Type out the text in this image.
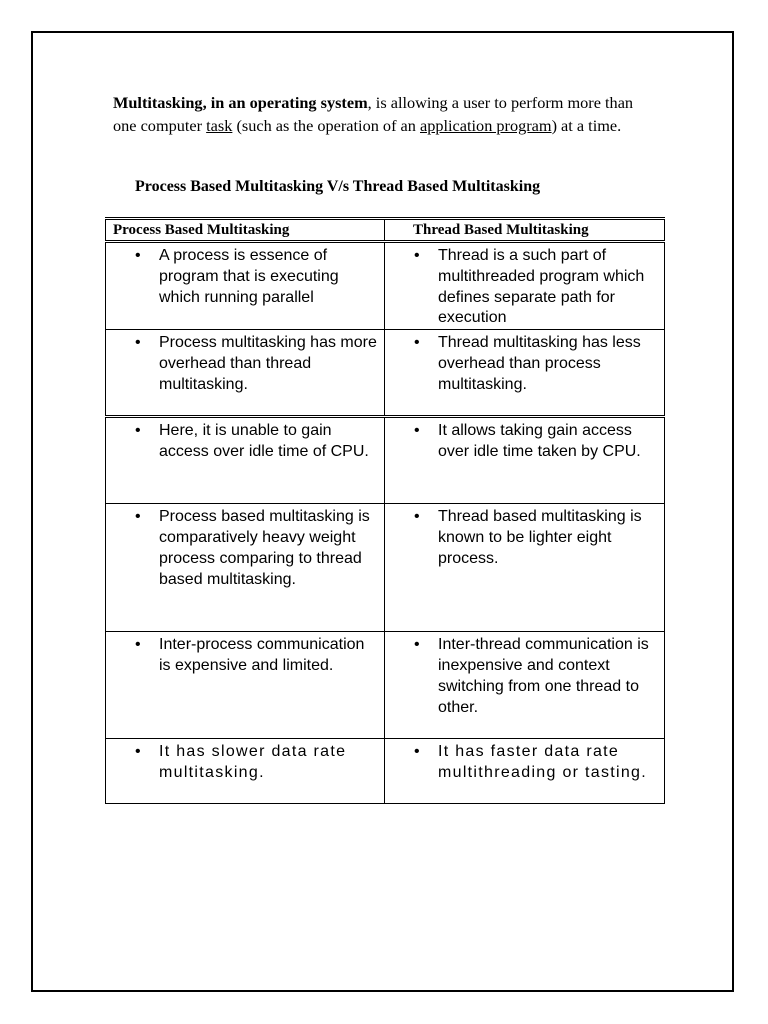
Multitasking, in an operating system, is allowing a user to perform more than one computer task (such as the operation of an application program) at a time.
Process Based Multitasking V/s Thread Based Multitasking
Process Based Multitasking	Thread Based Multitasking

• A process is essence of program that is executing which running parallel	• Thread is a such part of multithreaded program which defines separate path for execution

• Process multitasking has more overhead than thread multitasking.	• Thread multitasking has less overhead than process multitasking.

• Here, it is unable to gain access over idle time of CPU.	• It allows taking gain access over idle time taken by CPU.

• Process based multitasking is comparatively heavy weight process comparing to thread based multitasking.	• Thread based multitasking is known to be lighter eight process.

• Inter-process communication is expensive and limited.	• Inter-thread communication is inexpensive and context switching from one thread to other.

• It has slower data rate multitasking.	• It has faster data rate multithreading or tasting.
